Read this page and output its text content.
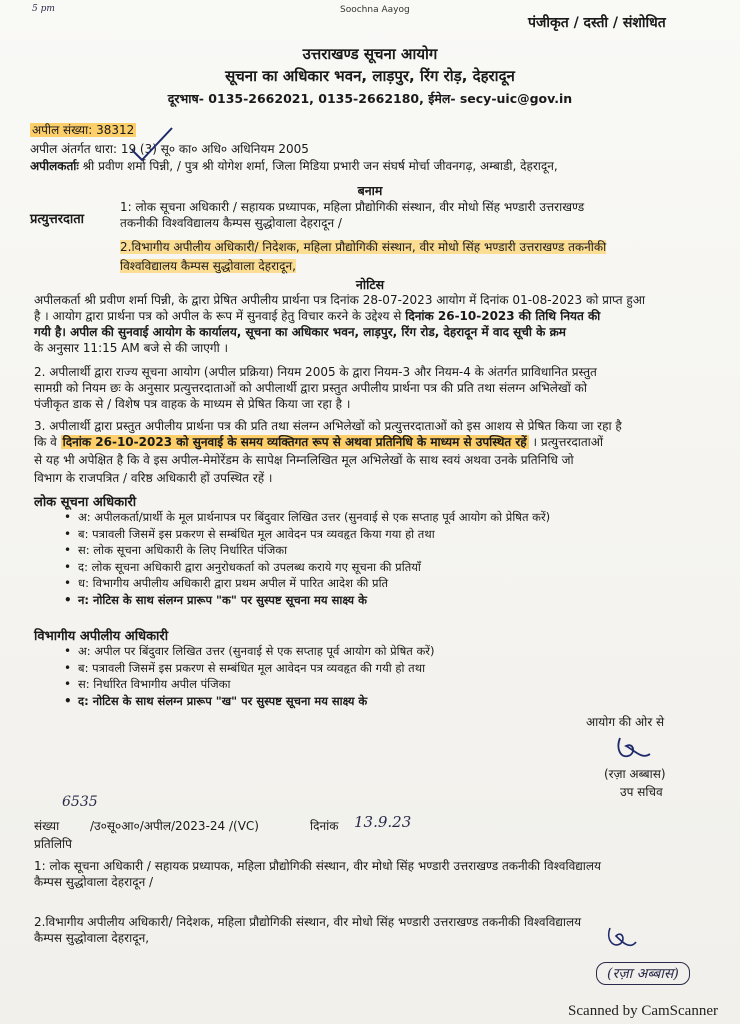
5 pm	Soochna Aayog
पंजीकृत / दस्ती / संशोधित
उत्तराखण्ड सूचना आयोग
सूचना का अधिकार भवन, लाड़पुर, रिंग रोड़, देहरादून
दूरभाष- 0135-2662021, 0135-2662180, ईमेल- secy-uic@gov.in
अपील संख्या: 38312
अपील अंतर्गत धारा: 19 (3) सू० का० अधि० अधिनियम 2005
अपीलकर्ताः श्री प्रवीण शर्मा पिन्नी, / पुत्र श्री योगेश शर्मा, जिला मिडिया प्रभारी जन संघर्ष मोर्चा जीवनगढ़, अम्बाडी, देहरादून,
बनाम
प्रत्युत्तरदाता
1: लोक सूचना अधिकारी / सहायक प्रध्यापक, महिला प्रौद्योगिकी संस्थान, वीर मोधो सिंह भण्डारी उत्तराखण्ड
तकनीकी विश्वविद्यालय कैम्पस सुद्धोवाला देहरादून /
2.विभागीय अपीलीय अधिकारी/ निदेशक, महिला प्रौद्योगिकी संस्थान, वीर मोधो सिंह भण्डारी उत्तराखण्ड तकनीकी
विश्वविद्यालय कैम्पस सुद्धोवाला देहरादून,
नोटिस
अपीलकर्ता श्री प्रवीण शर्मा पिन्नी, के द्वारा प्रेषित अपीलीय प्रार्थना पत्र दिनांक 28-07-2023 आयोग में दिनांक 01-08-2023 को प्राप्त हुआ
है । आयोग द्वारा प्रार्थना पत्र को अपील के रूप में सुनवाई हेतु विचार करने के उद्देश्य से दिनांक 26-10-2023 की तिथि नियत की
गयी है। अपील की सुनवाई आयोग के कार्यालय, सूचना का अधिकार भवन, लाड़पुर, रिंग रोड, देहरादून में वाद सूची के क्रम
के अनुसार 11:15 AM बजे से की जाएगी ।
2. अपीलार्थी द्वारा राज्य सूचना आयोग (अपील प्रक्रिया) नियम 2005 के द्वारा नियम-3 और नियम-4 के अंतर्गत प्राविधानित प्रस्तुत
सामग्री को नियम छः के अनुसार प्रत्युत्तरदाताओं को अपीलार्थी द्वारा प्रस्तुत अपीलीय प्रार्थना पत्र की प्रति तथा संलग्न अभिलेखों को
पंजीकृत डाक से / विशेष पत्र वाहक के माध्यम से प्रेषित किया जा रहा है ।
3. अपीलार्थी द्वारा प्रस्तुत अपीलीय प्रार्थना पत्र की प्रति तथा संलग्न अभिलेखों को प्रत्युत्तरदाताओं को इस आशय से प्रेषित किया जा रहा है
कि वे दिनांक 26-10-2023 को सुनवाई के समय व्यक्तिगत रूप से अथवा प्रतिनिधि के माध्यम से उपस्थित रहें । प्रत्युत्तरदाताओं
से यह भी अपेक्षित है कि वे इस अपील-मेमोरेंडम के सापेक्ष निम्नलिखित मूल अभिलेखों के साथ स्वयं अथवा उनके प्रतिनिधि जो
विभाग के राजपत्रित / वरिष्ठ अधिकारी हों उपस्थित रहें ।
लोक सूचना अधिकारी
• अ: अपीलकर्ता/प्रार्थी के मूल प्रार्थनापत्र पर बिंदुवार लिखित उत्तर (सुनवाई से एक सप्ताह पूर्व आयोग को प्रेषित करें)
• ब: पत्रावली जिसमें इस प्रकरण से सम्बंधित मूल आवेदन पत्र व्यवहृत किया गया हो तथा
• स: लोक सूचना अधिकारी के लिए निर्धारित पंजिका
• द: लोक सूचना अधिकारी द्वारा अनुरोधकर्ता को उपलब्ध कराये गए सूचना की प्रतियाँ
• ध: विभागीय अपीलीय अधिकारी द्वारा प्रथम अपील में पारित आदेश की प्रति
• न: नोटिस के साथ संलग्न प्रारूप "क" पर सुस्पष्ट सूचना मय साक्ष्य के
विभागीय अपीलीय अधिकारी
• अ: अपील पर बिंदुवार लिखित उत्तर (सुनवाई से एक सप्ताह पूर्व आयोग को प्रेषित करें)
• ब: पत्रावली जिसमें इस प्रकरण से सम्बंधित मूल आवेदन पत्र व्यवहृत की गयी हो तथा
• स: निर्धारित विभागीय अपील पंजिका
• द: नोटिस के साथ संलग्न प्रारूप "ख" पर सुस्पष्ट सूचना मय साक्ष्य के
आयोग की ओर से
(रज़ा अब्बास)
उप सचिव
6535
संख्या	/उ०सू०आ०/अपील/2023-24 /(VC)	दिनांक 13.9.23
प्रतिलिपि
1: लोक सूचना अधिकारी / सहायक प्रध्यापक, महिला प्रौद्योगिकी संस्थान, वीर मोधो सिंह भण्डारी उत्तराखण्ड तकनीकी विश्वविद्यालय
कैम्पस सुद्धोवाला देहरादून /
2.विभागीय अपीलीय अधिकारी/ निदेशक, महिला प्रौद्योगिकी संस्थान, वीर मोधो सिंह भण्डारी उत्तराखण्ड तकनीकी विश्वविद्यालय
कैम्पस सुद्धोवाला देहरादून,
(रज़ा अब्बास)
Scanned by CamScanner
